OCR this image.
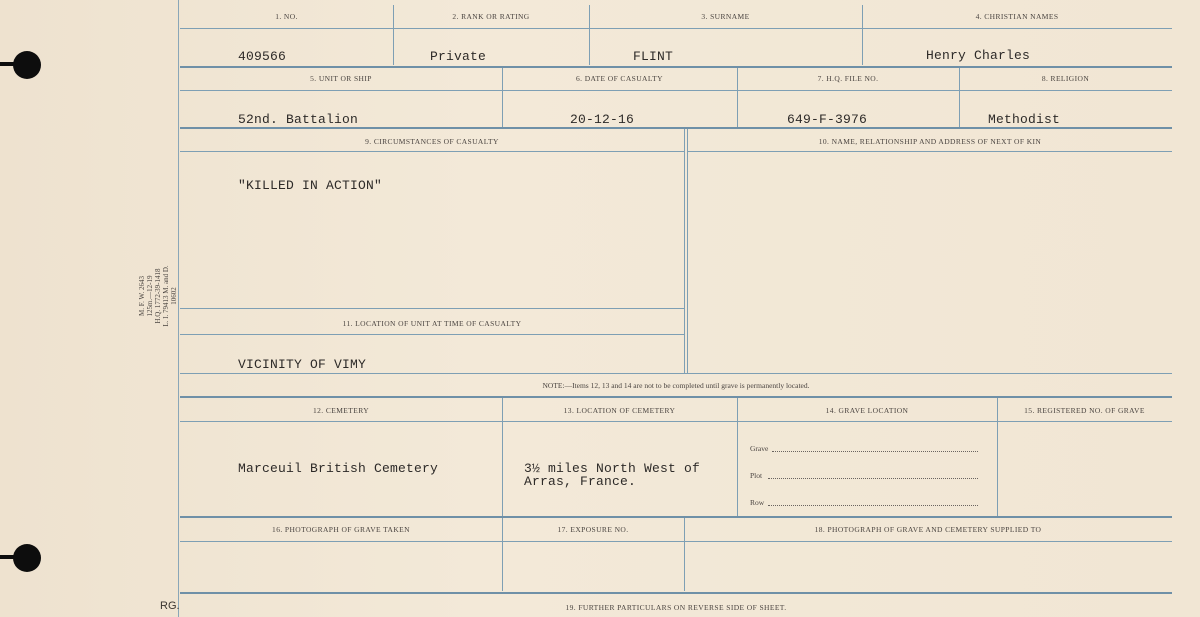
1. NO.	2. RANK OR RATING	3. SURNAME	4. CHRISTIAN NAMES
409566	Private	FLINT	Henry Charles
5. UNIT OR SHIP	6. DATE OF CASUALTY	7. H.Q. FILE NO.	8. RELIGION
52nd. Battalion	20-12-16	649-F-3976	Methodist
9. CIRCUMSTANCES OF CASUALTY	10. NAME, RELATIONSHIP AND ADDRESS OF NEXT OF KIN
"KILLED IN ACTION"
11. LOCATION OF UNIT AT TIME OF CASUALTY
VICINITY OF VIMY
NOTE:—Items 12, 13 and 14 are not to be completed until grave is permanently located.
12. CEMETERY	13. LOCATION OF CEMETERY	14. GRAVE LOCATION	15. REGISTERED NO. OF GRAVE
Marceuil British Cemetery	3½ miles North West of
Arras, France.
Grave
Plot
Row
16. PHOTOGRAPH OF GRAVE TAKEN	17. EXPOSURE NO.	18. PHOTOGRAPH OF GRAVE AND CEMETERY SUPPLIED TO
19. FURTHER PARTICULARS ON REVERSE SIDE OF SHEET.
M. F. W. 2643 125m.—12-19 H.Q. 1772-39-1418 L. I. 79413 M. and D. 10602
RG.
